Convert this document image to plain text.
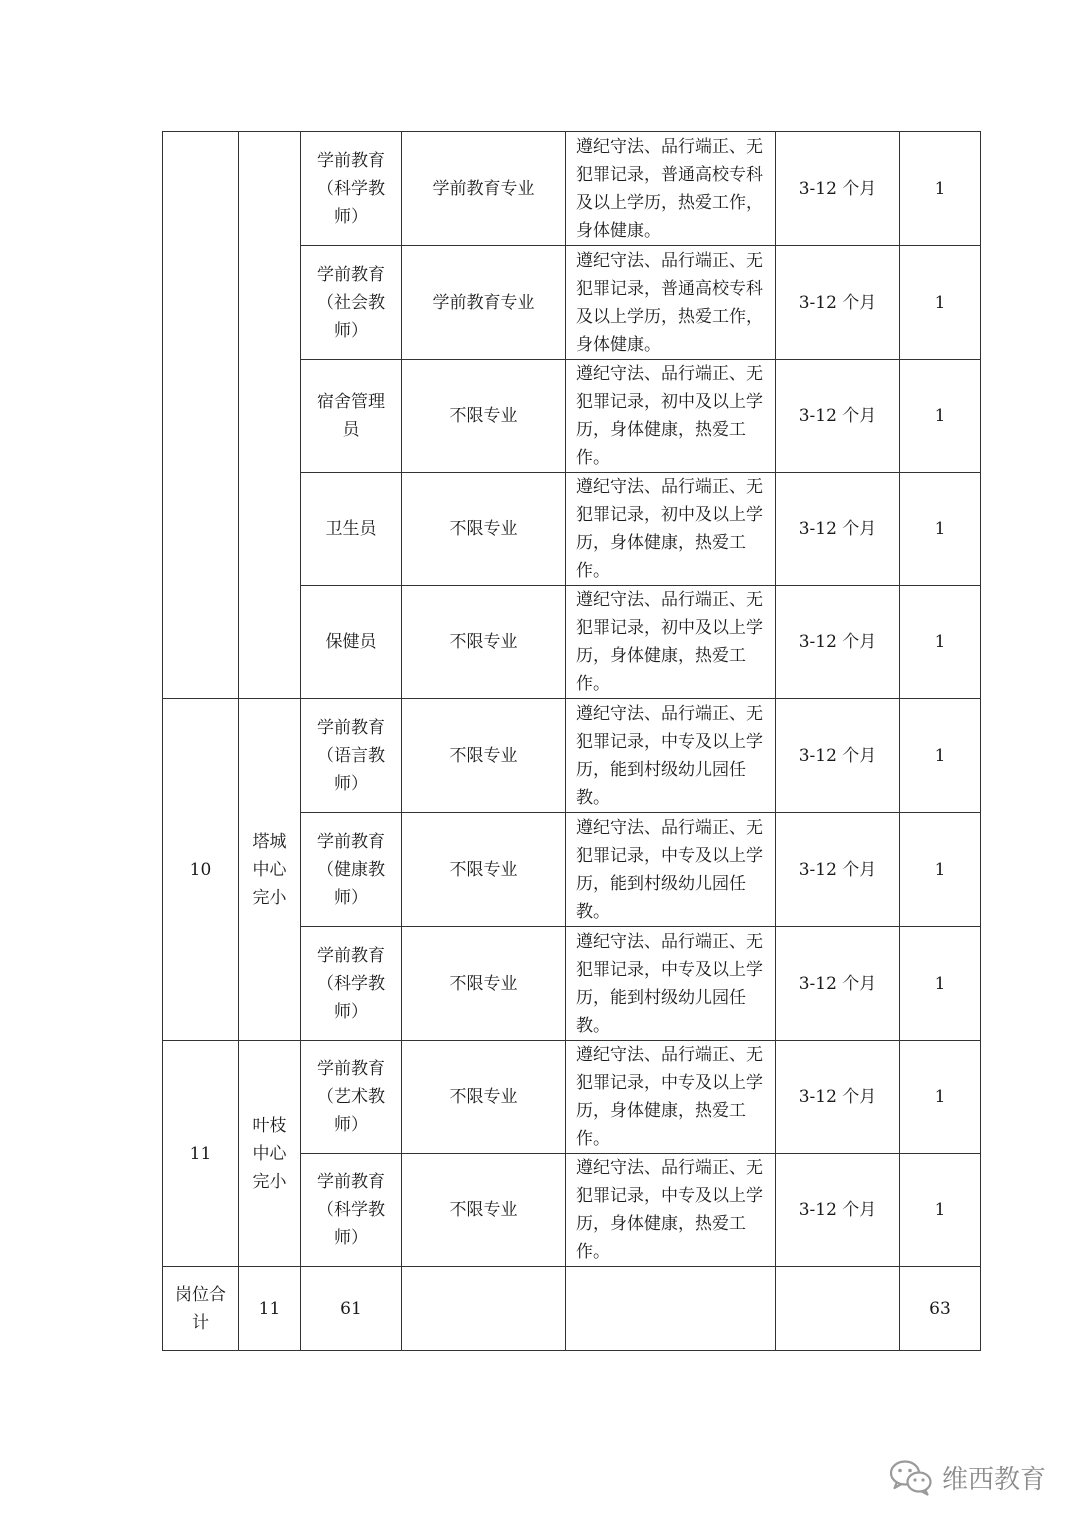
		学前教育（科学教师）	学前教育专业	遵纪守法、品行端正、无犯罪记录，普通高校专科及以上学历，热爱工作，身体健康。	3-12 个月	1
		学前教育（社会教师）	学前教育专业	遵纪守法、品行端正、无犯罪记录，普通高校专科及以上学历，热爱工作，身体健康。	3-12 个月	1
		宿舍管理员	不限专业	遵纪守法、品行端正、无犯罪记录，初中及以上学历，身体健康，热爱工作。	3-12 个月	1
		卫生员	不限专业	遵纪守法、品行端正、无犯罪记录，初中及以上学历，身体健康，热爱工作。	3-12 个月	1
		保健员	不限专业	遵纪守法、品行端正、无犯罪记录，初中及以上学历，身体健康，热爱工作。	3-12 个月	1
10	塔城中心完小	学前教育（语言教师）	不限专业	遵纪守法、品行端正、无犯罪记录，中专及以上学历，能到村级幼儿园任教。	3-12 个月	1
		学前教育（健康教师）	不限专业	遵纪守法、品行端正、无犯罪记录，中专及以上学历，能到村级幼儿园任教。	3-12 个月	1
		学前教育（科学教师）	不限专业	遵纪守法、品行端正、无犯罪记录，中专及以上学历，能到村级幼儿园任教。	3-12 个月	1
11	叶枝中心完小	学前教育（艺术教师）	不限专业	遵纪守法、品行端正、无犯罪记录，中专及以上学历，身体健康，热爱工作。	3-12 个月	1
		学前教育（科学教师）	不限专业	遵纪守法、品行端正、无犯罪记录，中专及以上学历，身体健康，热爱工作。	3-12 个月	1
岗位合计	11	61				63
维西教育
